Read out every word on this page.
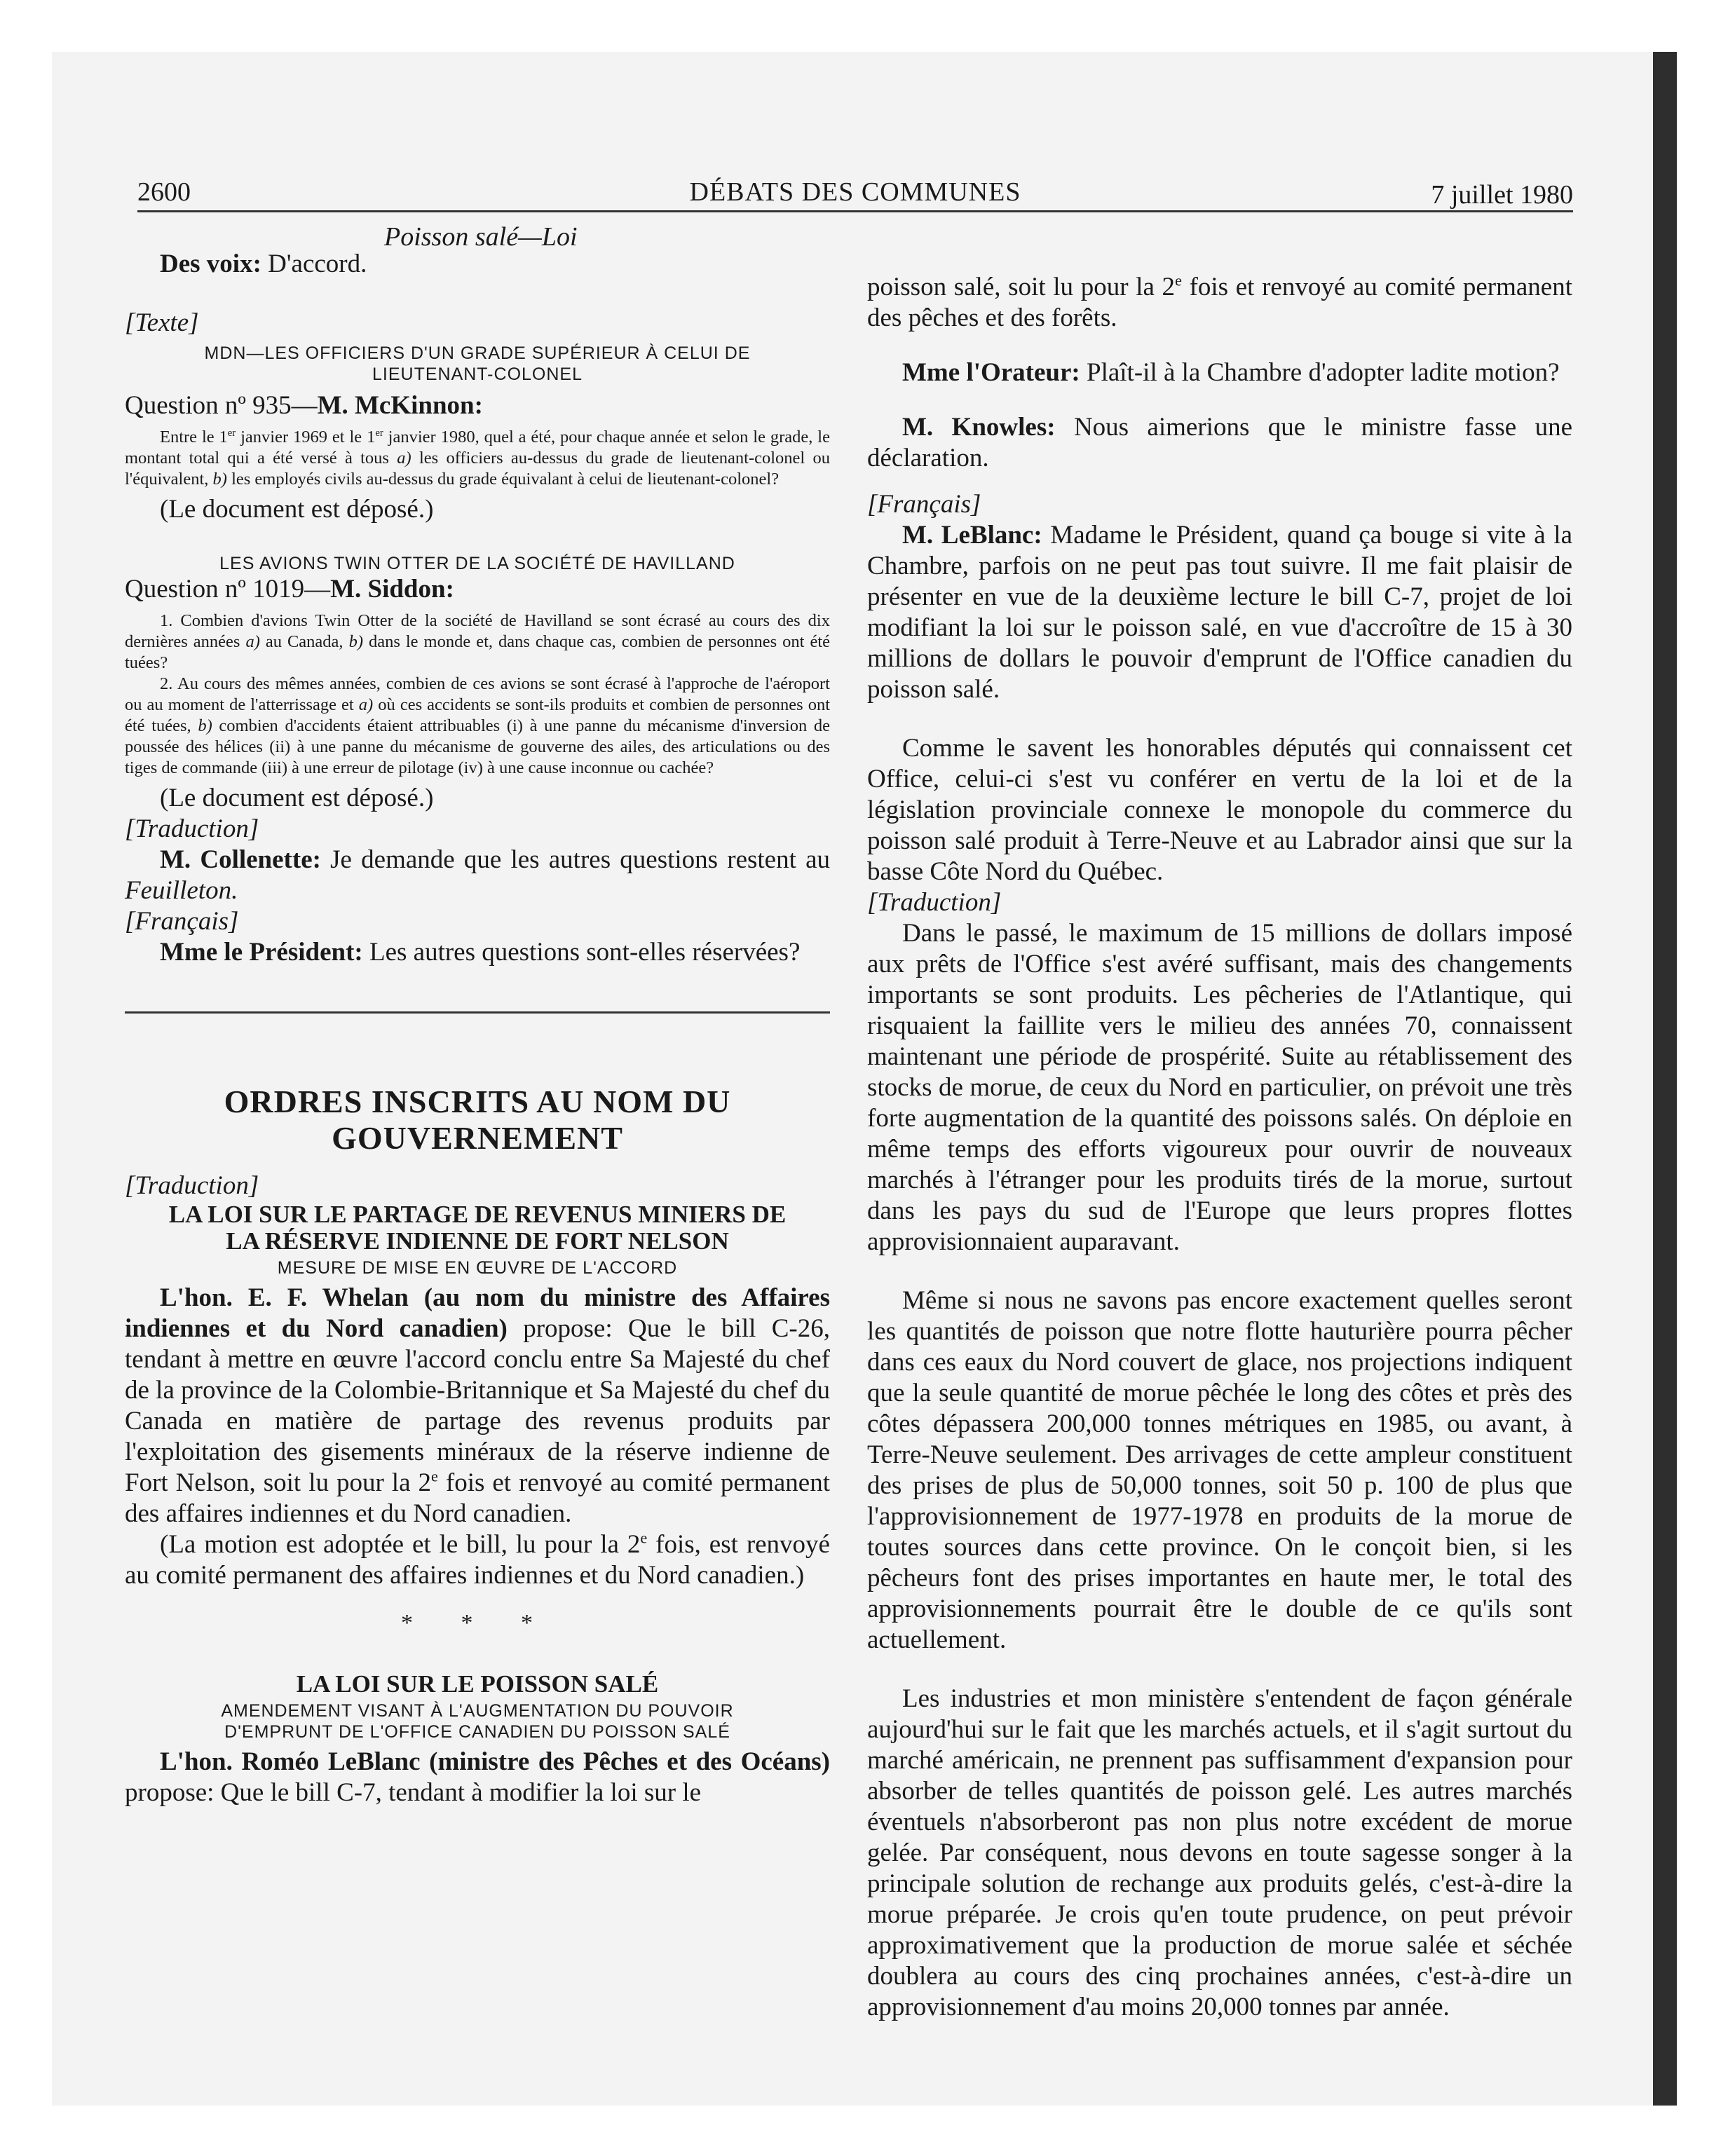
2600	DÉBATS DES COMMUNES	7 juillet 1980

Poisson salé—Loi

Des voix: D'accord.

[Texte]

MDN—LES OFFICIERS D'UN GRADE SUPÉRIEUR À CELUI DE

LIEUTENANT-COLONEL

Question nº 935—M. McKinnon:

Entre le 1er janvier 1969 et le 1er janvier 1980, quel a été, pour chaque année et selon le grade, le montant total qui a été versé à tous a) les officiers au-dessus du grade de lieutenant-colonel ou l'équivalent, b) les employés civils au-dessus du grade équivalant à celui de lieutenant-colonel?

(Le document est déposé.)

LES AVIONS TWIN OTTER DE LA SOCIÉTÉ DE HAVILLAND

Question nº 1019—M. Siddon:

1. Combien d'avions Twin Otter de la société de Havilland se sont écrasé au cours des dix dernières années a) au Canada, b) dans le monde et, dans chaque cas, combien de personnes ont été tuées?

2. Au cours des mêmes années, combien de ces avions se sont écrasé à l'approche de l'aéroport ou au moment de l'atterrissage et a) où ces accidents se sont-ils produits et combien de personnes ont été tuées, b) combien d'accidents étaient attribuables (i) à une panne du mécanisme d'inversion de poussée des hélices (ii) à une panne du mécanisme de gouverne des ailes, des articulations ou des tiges de commande (iii) à une erreur de pilotage (iv) à une cause inconnue ou cachée?

(Le document est déposé.)

[Traduction]

M. Collenette: Je demande que les autres questions restent au Feuilleton.

[Français]

Mme le Président: Les autres questions sont-elles réservées?

ORDRES INSCRITS AU NOM DU

GOUVERNEMENT

[Traduction]

LA LOI SUR LE PARTAGE DE REVENUS MINIERS DE

LA RÉSERVE INDIENNE DE FORT NELSON

MESURE DE MISE EN ŒUVRE DE L'ACCORD

L'hon. E. F. Whelan (au nom du ministre des Affaires indiennes et du Nord canadien) propose: Que le bill C-26, tendant à mettre en œuvre l'accord conclu entre Sa Majesté du chef de la province de la Colombie-Britannique et Sa Majesté du chef du Canada en matière de partage des revenus produits par l'exploitation des gisements minéraux de la réserve indienne de Fort Nelson, soit lu pour la 2e fois et renvoyé au comité permanent des affaires indiennes et du Nord canadien.

(La motion est adoptée et le bill, lu pour la 2e fois, est renvoyé au comité permanent des affaires indiennes et du Nord canadien.)

* * *

LA LOI SUR LE POISSON SALÉ

AMENDEMENT VISANT À L'AUGMENTATION DU POUVOIR

D'EMPRUNT DE L'OFFICE CANADIEN DU POISSON SALÉ

L'hon. Roméo LeBlanc (ministre des Pêches et des Océans) propose: Que le bill C-7, tendant à modifier la loi sur le

poisson salé, soit lu pour la 2e fois et renvoyé au comité permanent des pêches et des forêts.

Mme l'Orateur: Plaît-il à la Chambre d'adopter ladite motion?

M. Knowles: Nous aimerions que le ministre fasse une déclaration.

[Français]

M. LeBlanc: Madame le Président, quand ça bouge si vite à la Chambre, parfois on ne peut pas tout suivre. Il me fait plaisir de présenter en vue de la deuxième lecture le bill C-7, projet de loi modifiant la loi sur le poisson salé, en vue d'accroître de 15 à 30 millions de dollars le pouvoir d'emprunt de l'Office canadien du poisson salé.

Comme le savent les honorables députés qui connaissent cet Office, celui-ci s'est vu conférer en vertu de la loi et de la législation provinciale connexe le monopole du commerce du poisson salé produit à Terre-Neuve et au Labrador ainsi que sur la basse Côte Nord du Québec.

[Traduction]

Dans le passé, le maximum de 15 millions de dollars imposé aux prêts de l'Office s'est avéré suffisant, mais des changements importants se sont produits. Les pêcheries de l'Atlantique, qui risquaient la faillite vers le milieu des années 70, connaissent maintenant une période de prospérité. Suite au rétablissement des stocks de morue, de ceux du Nord en particulier, on prévoit une très forte augmentation de la quantité des poissons salés. On déploie en même temps des efforts vigoureux pour ouvrir de nouveaux marchés à l'étranger pour les produits tirés de la morue, surtout dans les pays du sud de l'Europe que leurs propres flottes approvisionnaient auparavant.

Même si nous ne savons pas encore exactement quelles seront les quantités de poisson que notre flotte hauturière pourra pêcher dans ces eaux du Nord couvert de glace, nos projections indiquent que la seule quantité de morue pêchée le long des côtes et près des côtes dépassera 200,000 tonnes métriques en 1985, ou avant, à Terre-Neuve seulement. Des arrivages de cette ampleur constituent des prises de plus de 50,000 tonnes, soit 50 p. 100 de plus que l'approvisionnement de 1977-1978 en produits de la morue de toutes sources dans cette province. On le conçoit bien, si les pêcheurs font des prises importantes en haute mer, le total des approvisionnements pourrait être le double de ce qu'ils sont actuellement.

Les industries et mon ministère s'entendent de façon générale aujourd'hui sur le fait que les marchés actuels, et il s'agit surtout du marché américain, ne prennent pas suffisamment d'expansion pour absorber de telles quantités de poisson gelé. Les autres marchés éventuels n'absorberont pas non plus notre excédent de morue gelée. Par conséquent, nous devons en toute sagesse songer à la principale solution de rechange aux produits gelés, c'est-à-dire la morue préparée. Je crois qu'en toute prudence, on peut prévoir approximativement que la production de morue salée et séchée doublera au cours des cinq prochaines années, c'est-à-dire un approvisionnement d'au moins 20,000 tonnes par année.
